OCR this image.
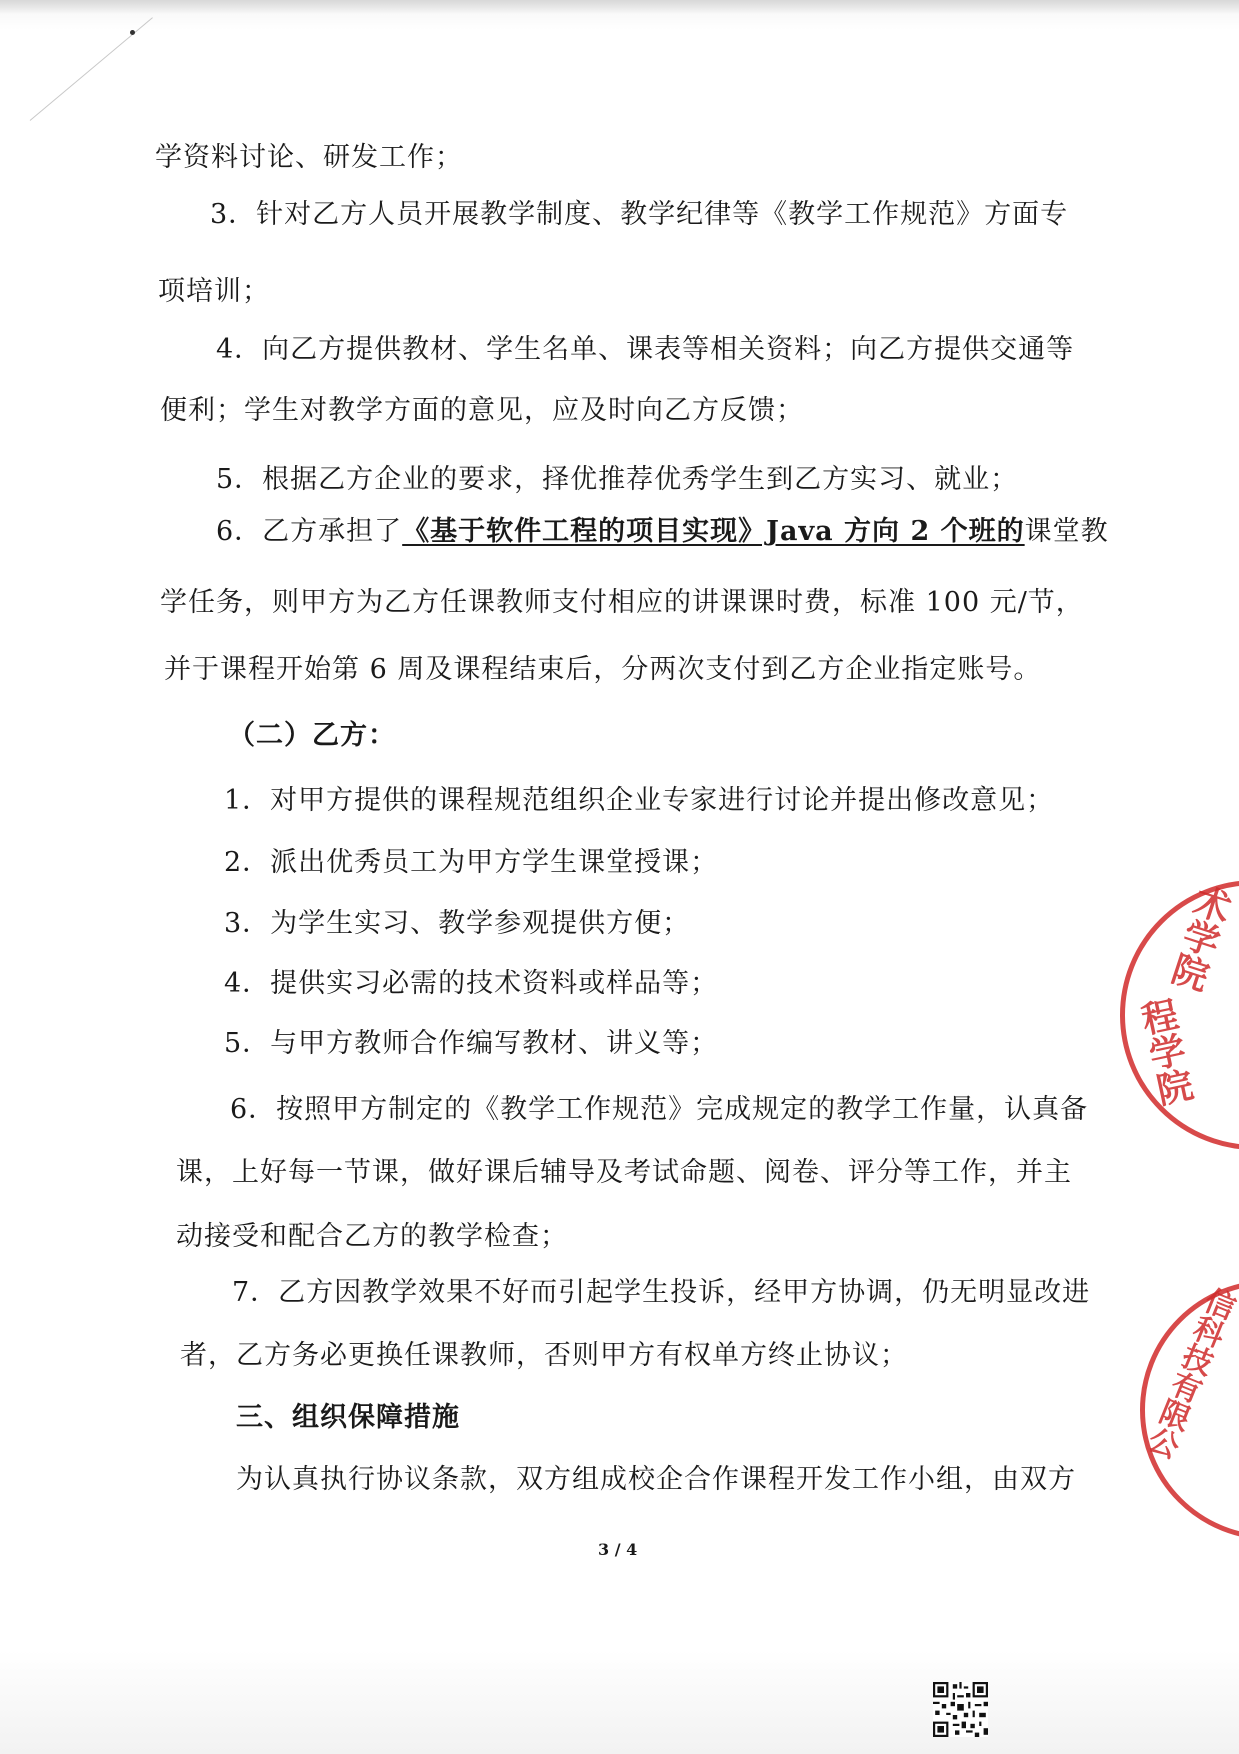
学资料讨论、研发工作；
3．针对乙方人员开展教学制度、教学纪律等《教学工作规范》方面专
项培训；
4．向乙方提供教材、学生名单、课表等相关资料；向乙方提供交通等
便利；学生对教学方面的意见，应及时向乙方反馈；
5．根据乙方企业的要求，择优推荐优秀学生到乙方实习、就业；
6．乙方承担了《基于软件工程的项目实现》Java 方向 2 个班的课堂教
学任务，则甲方为乙方任课教师支付相应的讲课课时费，标准 100 元/节，
并于课程开始第 6 周及课程结束后，分两次支付到乙方企业指定账号。
（二）乙方：
1．对甲方提供的课程规范组织企业专家进行讨论并提出修改意见；
2．派出优秀员工为甲方学生课堂授课；
3．为学生实习、教学参观提供方便；
4．提供实习必需的技术资料或样品等；
5．与甲方教师合作编写教材、讲义等；
6．按照甲方制定的《教学工作规范》完成规定的教学工作量，认真备
课，上好每一节课，做好课后辅导及考试命题、阅卷、评分等工作，并主
动接受和配合乙方的教学检查；
7．乙方因教学效果不好而引起学生投诉，经甲方协调，仍无明显改进
者，乙方务必更换任课教师，否则甲方有权单方终止协议；
三、组织保障措施
为认真执行协议条款，双方组成校企合作课程开发工作小组，由双方
3 / 4
术学院
程学院
信科技有限公
